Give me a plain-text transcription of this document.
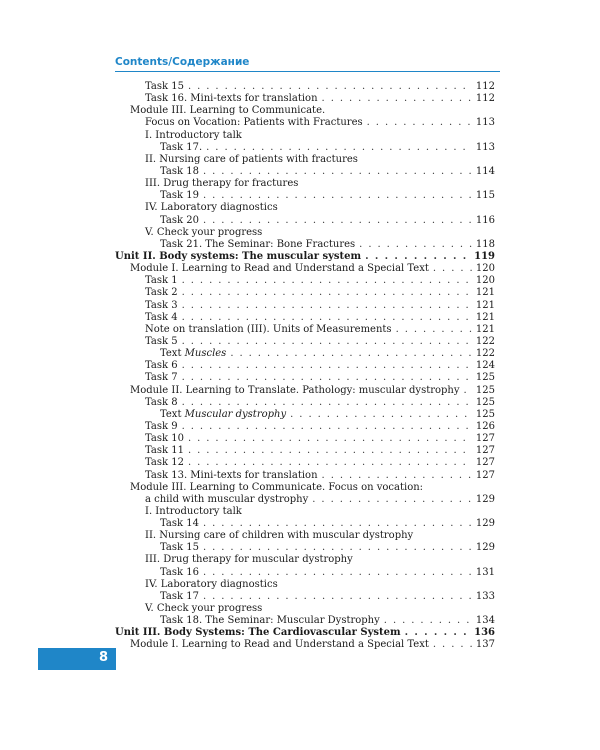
Contents/Содержание
Task 15 . . .	112
Task 16. Mini-texts for translation . . .	112
Module III. Learning to Communicate.
Focus on Vocation: Patients with Fractures . . .	113
I. Introductory talk
Task 17. . . .	113
II. Nursing care of patients with fractures
Task 18 . . .	114
III. Drug therapy for fractures
Task 19 . . .	115
IV. Laboratory diagnostics
Task 20 . . .	116
V. Check your progress
Task 21. The Seminar: Bone Fractures . . .	118
Unit II. Body systems: The muscular system . . .	119
Module I. Learning to Read and Understand a Special Text . . .	120
Task 1 . . .	120
Task 2 . . .	121
Task 3 . . .	121
Task 4 . . .	121
Note on translation (III). Units of Measurements . . .	121
Task 5 . . .	122
Text Muscles . . .	122
Task 6 . . .	124
Task 7 . . .	125
Module II. Learning to Translate. Pathology: muscular dystrophy . . . 125
Task 8 . . .	125
Text Muscular dystrophy . . .	125
Task 9 . . .	126
Task 10 . . .	127
Task 11 . . .	127
Task 12 . . .	127
Task 13. Mini-texts for translation . . .	127
Module III. Learning to Communicate. Focus on vocation:
a child with muscular dystrophy . . .	129
I. Introductory talk
Task 14 . . .	129
II. Nursing care of children with muscular dystrophy
Task 15 . . .	129
III. Drug therapy for muscular dystrophy
Task 16 . . .	131
IV. Laboratory diagnostics
Task 17 . . .	133
V. Check your progress
Task 18. The Seminar: Muscular Dystrophy . . .	134
Unit III. Body Systems: The Cardiovascular System . . .	136
Module I. Learning to Read and Understand a Special Text . . .	137
8
